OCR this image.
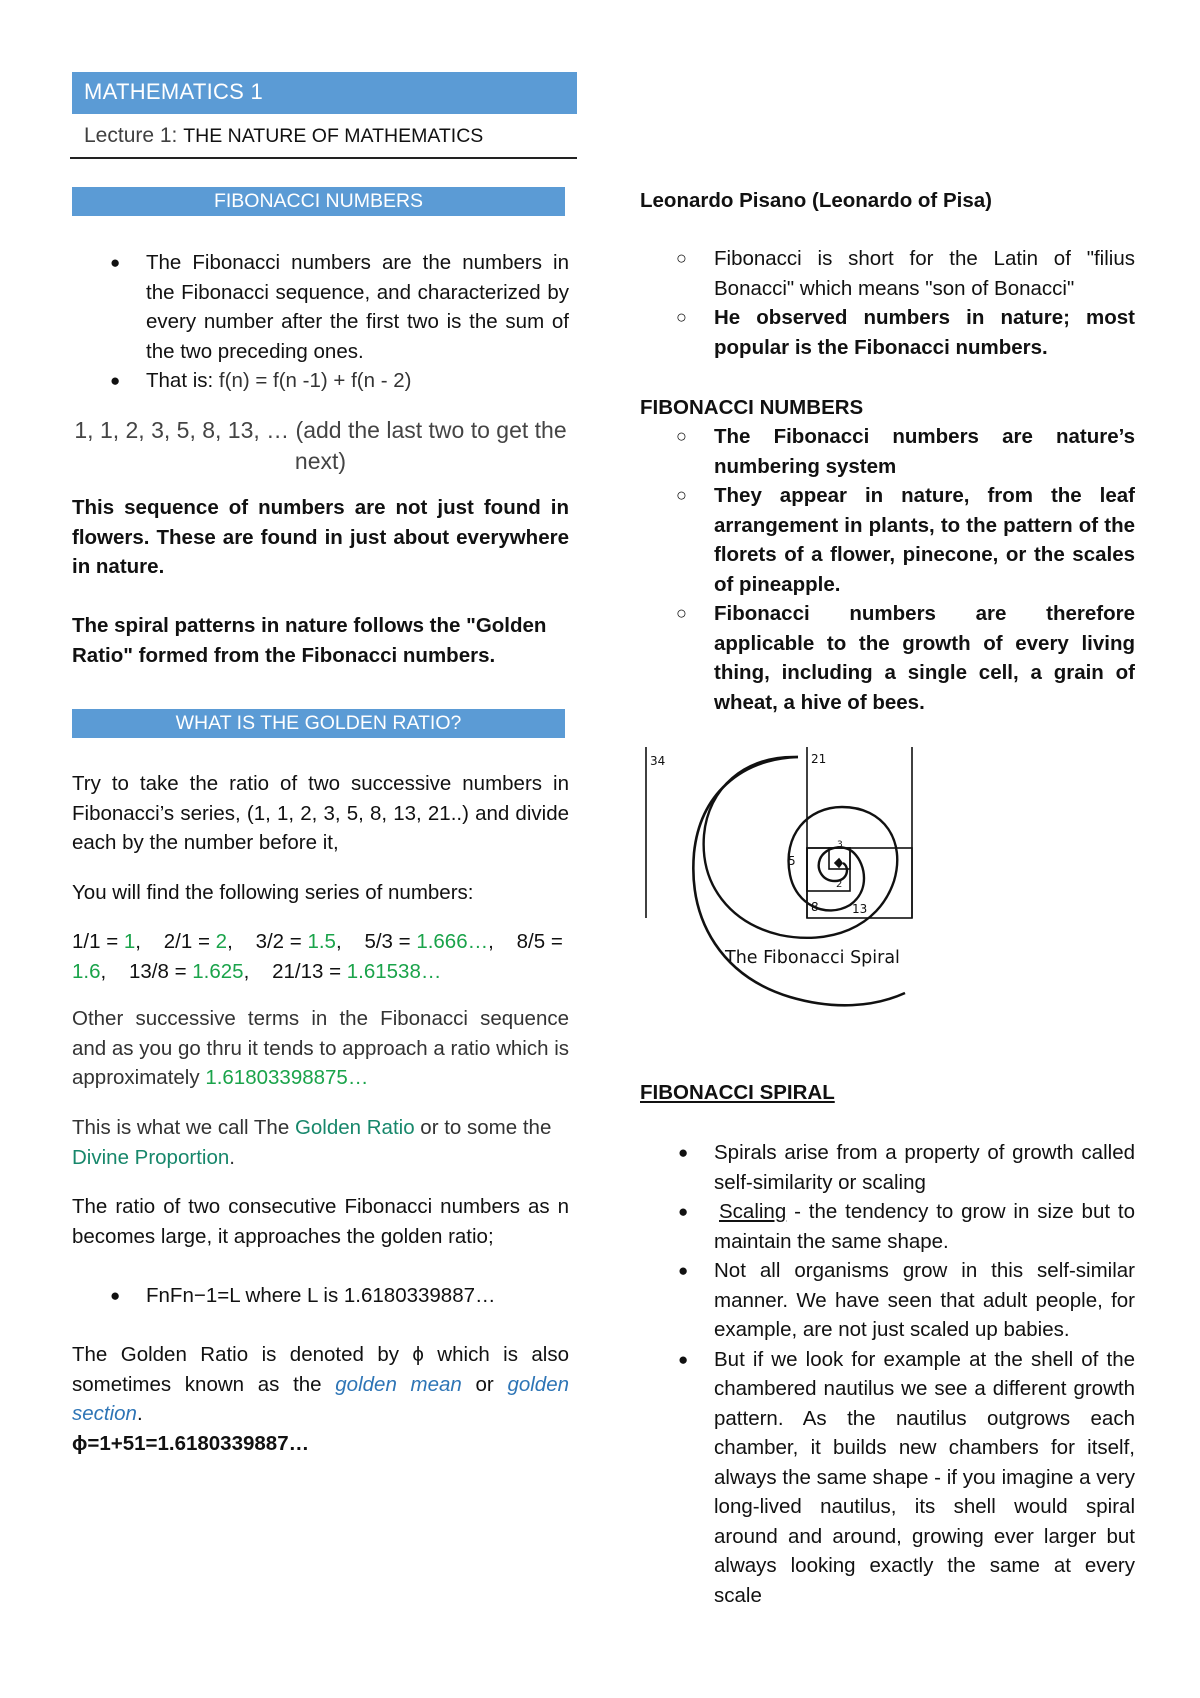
MATHEMATICS 1
Lecture 1: THE NATURE OF MATHEMATICS
FIBONACCI NUMBERS
● The Fibonacci numbers are the numbers in the Fibonacci sequence, and characterized by every number after the first two is the sum of the two preceding ones.
● That is: f(n) = f(n -1) + f(n - 2)

1, 1, 2, 3, 5, 8, 13, … (add the last two to get the next)

This sequence of numbers are not just found in flowers. These are found in just about everywhere in nature.

The spiral patterns in nature follows the "Golden Ratio" formed from the Fibonacci numbers.

WHAT IS THE GOLDEN RATIO?

Try to take the ratio of two successive numbers in Fibonacci’s series, (1, 1, 2, 3, 5, 8, 13, 21..) and divide each by the number before it,

You will find the following series of numbers:

1/1 = 1,    2/1 = 2,    3/2 = 1.5,    5/3 = 1.666…,    8/5 = 1.6,    13/8 = 1.625,    21/13 = 1.61538…

Other successive terms in the Fibonacci sequence and as you go thru it tends to approach a ratio which is approximately 1.61803398875…

This is what we call The Golden Ratio or to some the Divine Proportion.

The ratio of two consecutive Fibonacci numbers as n becomes large, it approaches the golden ratio;

● FnFn−1=L where L is 1.6180339887…

The Golden Ratio is denoted by ϕ which is also sometimes known as the golden mean or golden section.

ϕ=1+51=1.6180339887…

Leonardo Pisano (Leonardo of Pisa)

○ Fibonacci is short for the Latin of "filius Bonacci" which means "son of Bonacci"
○ He observed numbers in nature; most popular is the Fibonacci numbers.

FIBONACCI NUMBERS

○ The Fibonacci numbers are nature’s numbering system
○ They appear in nature, from the leaf arrangement in plants, to the pattern of the florets of a flower, pinecone, or the scales of pineapple.
○ Fibonacci numbers are therefore applicable to the growth of every living thing, including a single cell, a grain of wheat, a hive of bees.
34	21
5
3
2
8	13
The Fibonacci Spiral

FIBONACCI SPIRAL

● Spirals arise from a property of growth called self-similarity or scaling
● Scaling - the tendency to grow in size but to maintain the same shape.
● Not all organisms grow in this self-similar manner. We have seen that adult people, for example, are not just scaled up babies.
● But if we look for example at the shell of the chambered nautilus we see a different growth pattern. As the nautilus outgrows each chamber, it builds new chambers for itself, always the same shape - if you imagine a very long-lived nautilus, its shell would spiral around and around, growing ever larger but always looking exactly the same at every scale
